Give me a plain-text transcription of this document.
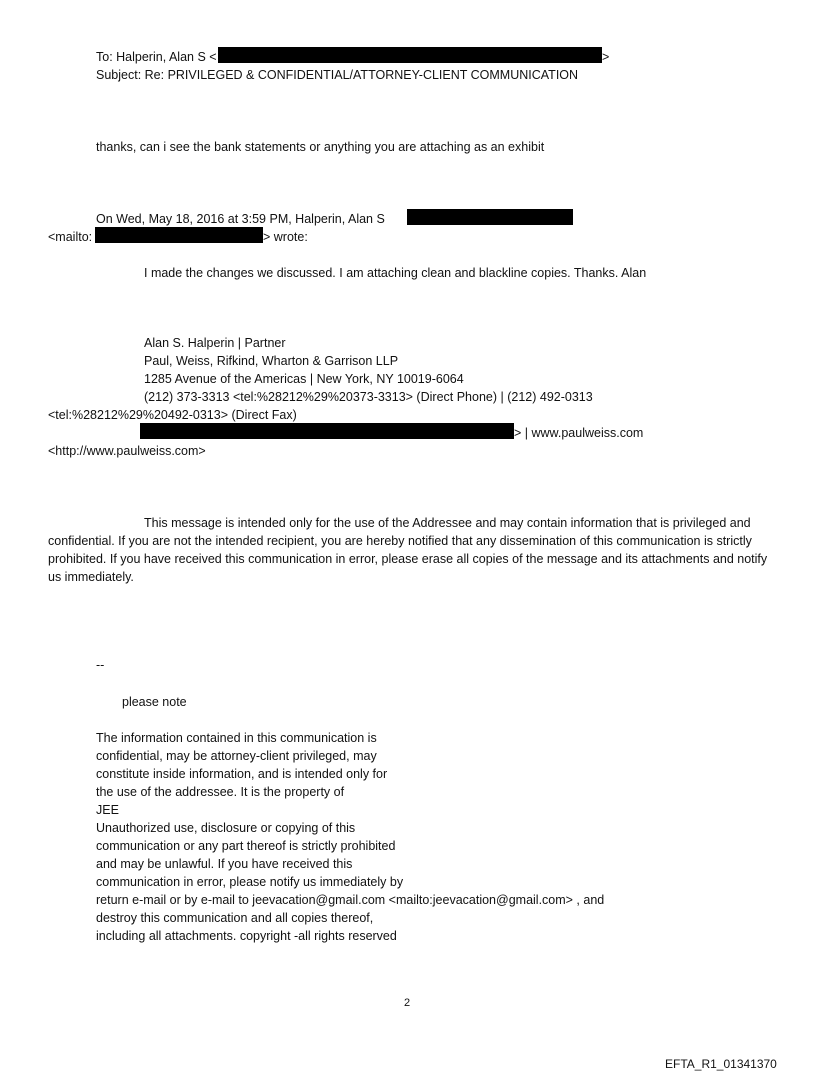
To: Halperin, Alan S <	>
Subject: Re: PRIVILEGED & CONFIDENTIAL/ATTORNEY-CLIENT COMMUNICATION
thanks, can i see the bank statements or anything you are attaching as an exhibit
On Wed, May 18, 2016 at 3:59 PM, Halperin, Alan S
<mailto:	> wrote:
I made the changes we discussed. I am attaching clean and blackline copies. Thanks. Alan
Alan S. Halperin | Partner
Paul, Weiss, Rifkind, Wharton & Garrison LLP
1285 Avenue of the Americas | New York, NY 10019-6064
(212) 373-3313 <tel:%28212%29%20373-3313> (Direct Phone) | (212) 492-0313
<tel:%28212%29%20492-0313> (Direct Fax)
> | www.paulweiss.com
<http://www.paulweiss.com>
This message is intended only for the use of the Addressee and may contain information that is privileged and confidential. If you are not the intended recipient, you are hereby notified that any dissemination of this communication is strictly prohibited. If you have received this communication in error, please erase all copies of the message and its attachments and notify us immediately.
--
please note
The information contained in this communication is
confidential, may be attorney-client privileged, may
constitute inside information, and is intended only for
the use of the addressee. It is the property of
JEE
Unauthorized use, disclosure or copying of this
communication or any part thereof is strictly prohibited
and may be unlawful. If you have received this
communication in error, please notify us immediately by
return e-mail or by e-mail to jeevacation@gmail.com <mailto:jeevacation@gmail.com> , and
destroy this communication and all copies thereof,
including all attachments. copyright -all rights reserved
2
EFTA_R1_01341370
